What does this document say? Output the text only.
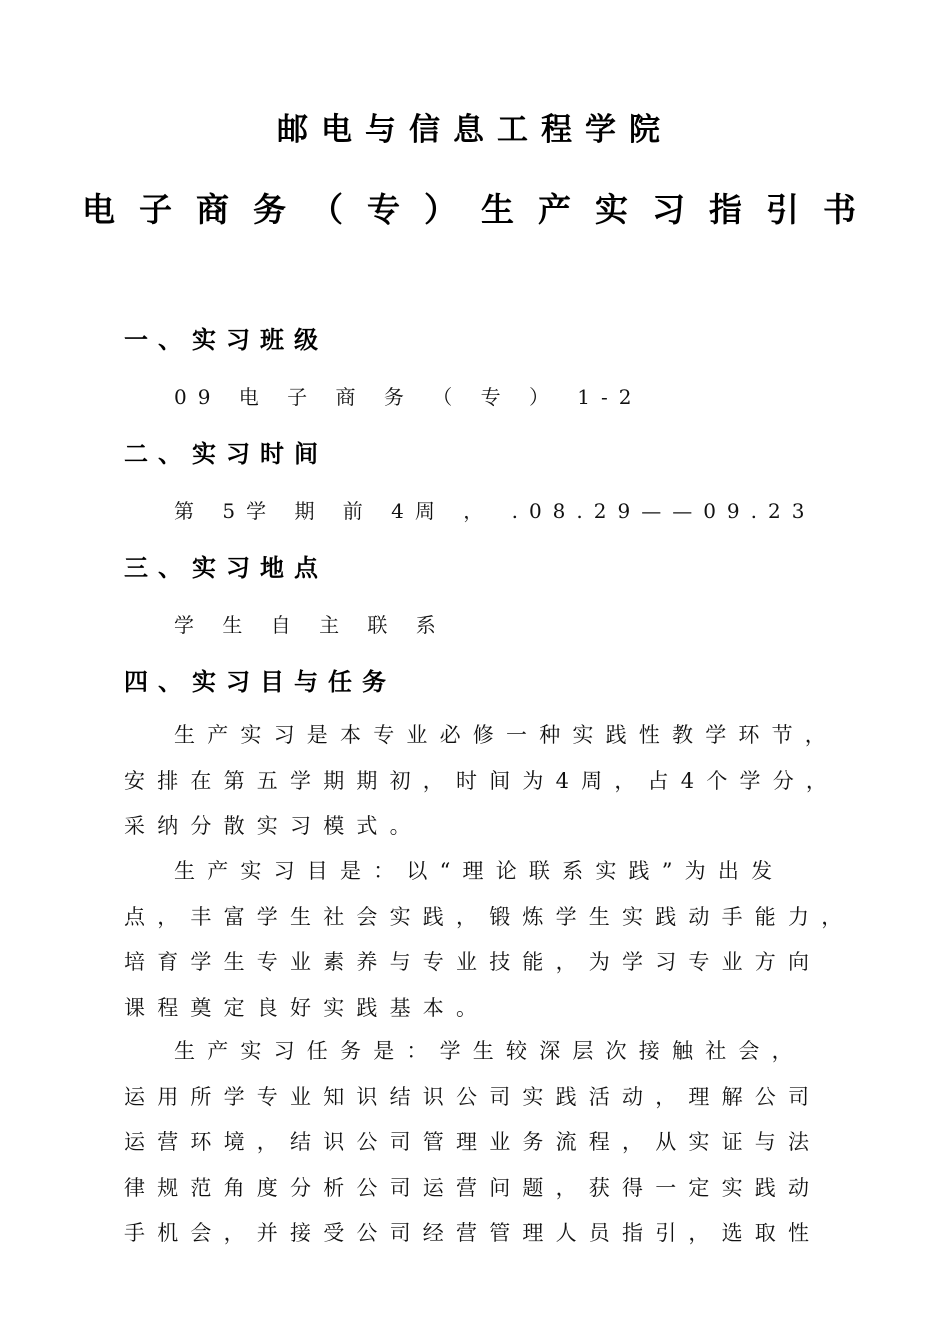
邮电与信息工程学院
电子商务（专）生产实习指引书
一、实习班级
09 电 子 商 务 （ 专 ） 1-2
二、实习时间
第 5学 期 前 4周 ， .08.29——09.23
三、实习地点
学 生 自 主 联 系
四、实习目与任务
生产实习是本专业必修一种实践性教学环节，
安排在第五学期期初，时间为4周，占4个学分，
采纳分散实习模式。
生产实习目是：以“理论联系实践”为出发
点，丰富学生社会实践，锻炼学生实践动手能力，
培育学生专业素养与专业技能，为学习专业方向
课程奠定良好实践基本。
生产实习任务是：学生较深层次接触社会，
运用所学专业知识结识公司实践活动，理解公司
运营环境，结识公司管理业务流程，从实证与法
律规范角度分析公司运营问题，获得一定实践动
手机会，并接受公司经营管理人员指引，选取性
